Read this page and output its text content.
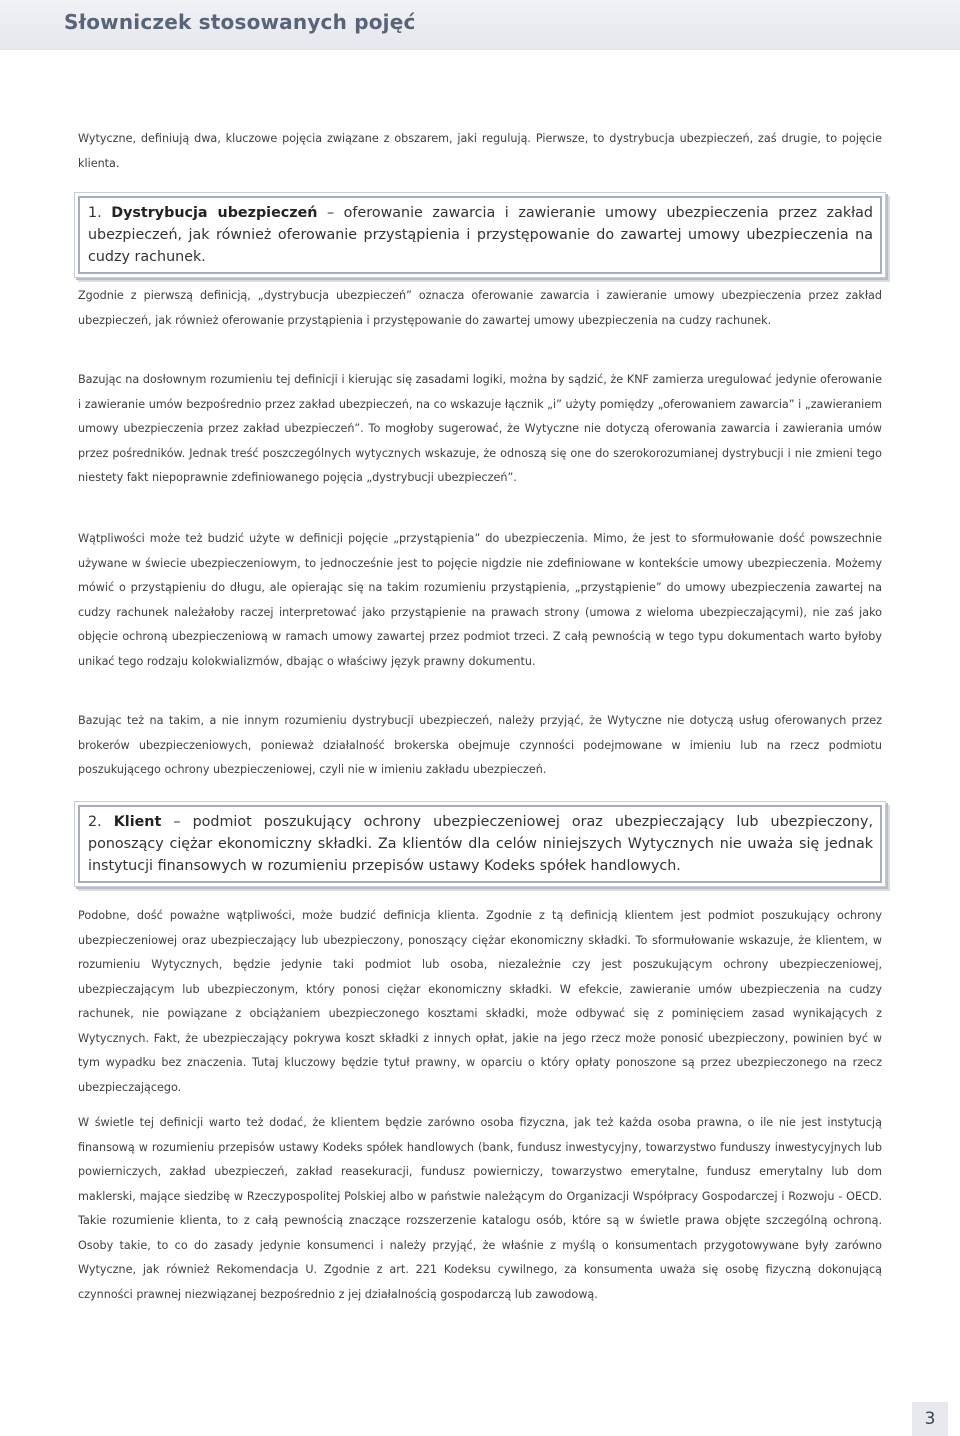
Słowniczek stosowanych pojęć

Wytyczne, definiują dwa, kluczowe pojęcia związane z obszarem, jaki regulują. Pierwsze, to dystrybucja ubezpieczeń, zaś drugie, to pojęcie klienta.

1. Dystrybucja ubezpieczeń – oferowanie zawarcia i zawieranie umowy ubezpieczenia przez zakład ubezpieczeń, jak również oferowanie przystąpienia i przystępowanie do zawartej umowy ubezpieczenia na cudzy rachunek.

Zgodnie z pierwszą definicją, „dystrybucja ubezpieczeń” oznacza oferowanie zawarcia i zawieranie umowy ubezpieczenia przez zakład ubezpieczeń, jak również oferowanie przystąpienia i przystępowanie do zawartej umowy ubezpieczenia na cudzy rachunek.

Bazując na dosłownym rozumieniu tej definicji i kierując się zasadami logiki, można by sądzić, że KNF zamierza uregulować jedynie oferowanie i zawieranie umów bezpośrednio przez zakład ubezpieczeń, na co wskazuje łącznik „i” użyty pomiędzy „oferowaniem zawarcia” i „zawieraniem umowy ubezpieczenia przez zakład ubezpieczeń”. To mogłoby sugerować, że Wytyczne nie dotyczą oferowania zawarcia i zawierania umów przez pośredników. Jednak treść poszczególnych wytycznych wskazuje, że odnoszą się one do szerokorozumianej dystrybucji i nie zmieni tego niestety fakt niepoprawnie zdefiniowanego pojęcia „dystrybucji ubezpieczeń”.

Wątpliwości może też budzić użyte w definicji pojęcie „przystąpienia” do ubezpieczenia. Mimo, że jest to sformułowanie dość powszechnie używane w świecie ubezpieczeniowym, to jednocześnie jest to pojęcie nigdzie nie zdefiniowane w kontekście umowy ubezpieczenia. Możemy mówić o przystąpieniu do długu, ale opierając się na takim rozumieniu przystąpienia, „przystąpienie” do umowy ubezpieczenia zawartej na cudzy rachunek należałoby raczej interpretować jako przystąpienie na prawach strony (umowa z wieloma ubezpieczającymi), nie zaś jako objęcie ochroną ubezpieczeniową w ramach umowy zawartej przez podmiot trzeci. Z całą pewnością w tego typu dokumentach warto byłoby unikać tego rodzaju kolokwializmów, dbając o właściwy język prawny dokumentu.

Bazując też na takim, a nie innym rozumieniu dystrybucji ubezpieczeń, należy przyjąć, że Wytyczne nie dotyczą usług oferowanych przez brokerów ubezpieczeniowych, ponieważ działalność brokerska obejmuje czynności podejmowane w imieniu lub na rzecz podmiotu poszukującego ochrony ubezpieczeniowej, czyli nie w imieniu zakładu ubezpieczeń.

2. Klient – podmiot poszukujący ochrony ubezpieczeniowej oraz ubezpieczający lub ubezpieczony, ponoszący ciężar ekonomiczny składki. Za klientów dla celów niniejszych Wytycznych nie uważa się jednak instytucji finansowych w rozumieniu przepisów ustawy Kodeks spółek handlowych.

Podobne, dość poważne wątpliwości, może budzić definicja klienta. Zgodnie z tą definicją klientem jest podmiot poszukujący ochrony ubezpieczeniowej oraz ubezpieczający lub ubezpieczony, ponoszący ciężar ekonomiczny składki. To sformułowanie wskazuje, że klientem, w rozumieniu Wytycznych, będzie jedynie taki podmiot lub osoba, niezależnie czy jest poszukującym ochrony ubezpieczeniowej, ubezpieczającym lub ubezpieczonym, który ponosi ciężar ekonomiczny składki. W efekcie, zawieranie umów ubezpieczenia na cudzy rachunek, nie powiązane z obciążaniem ubezpieczonego kosztami składki, może odbywać się z pominięciem zasad wynikających z Wytycznych. Fakt, że ubezpieczający pokrywa koszt składki z innych opłat, jakie na jego rzecz może ponosić ubezpieczony, powinien być w tym wypadku bez znaczenia. Tutaj kluczowy będzie tytuł prawny, w oparciu o który opłaty ponoszone są przez ubezpieczonego na rzecz ubezpieczającego.

W świetle tej definicji warto też dodać, że klientem będzie zarówno osoba fizyczna, jak też każda osoba prawna, o ile nie jest instytucją finansową w rozumieniu przepisów ustawy Kodeks spółek handlowych (bank, fundusz inwestycyjny, towarzystwo funduszy inwestycyjnych lub powierniczych, zakład ubezpieczeń, zakład reasekuracji, fundusz powierniczy, towarzystwo emerytalne, fundusz emerytalny lub dom maklerski, mające siedzibę w Rzeczypospolitej Polskiej albo w państwie należącym do Organizacji Współpracy Gospodarczej i Rozwoju - OECD. Takie rozumienie klienta, to z całą pewnością znaczące rozszerzenie katalogu osób, które są w świetle prawa objęte szczególną ochroną. Osoby takie, to co do zasady jedynie konsumenci i należy przyjąć, że właśnie z myślą o konsumentach przygotowywane były zarówno Wytyczne, jak również Rekomendacja U. Zgodnie z art. 221 Kodeksu cywilnego, za konsumenta uważa się osobę fizyczną dokonującą czynności prawnej niezwiązanej bezpośrednio z jej działalnością gospodarczą lub zawodową.

3
